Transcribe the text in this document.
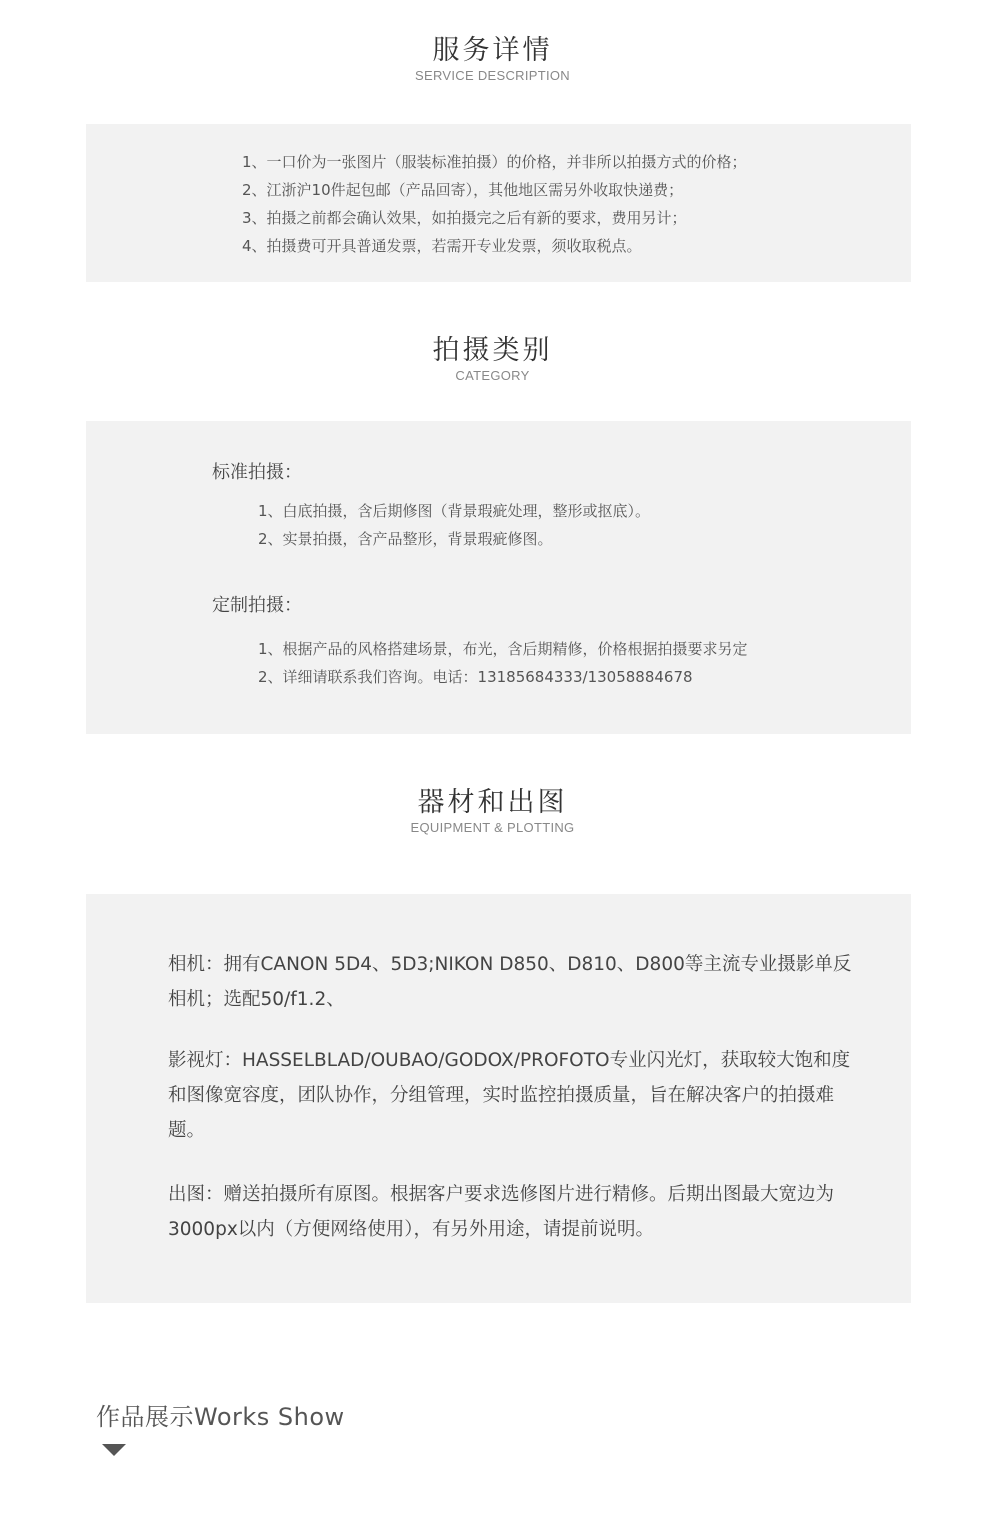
服务详情
SERVICE DESCRIPTION
1、一口价为一张图片（服装标准拍摄）的价格，并非所以拍摄方式的价格；
2、江浙沪10件起包邮（产品回寄），其他地区需另外收取快递费；
3、拍摄之前都会确认效果，如拍摄完之后有新的要求，费用另计；
4、拍摄费可开具普通发票，若需开专业发票，须收取税点。
拍摄类别
CATEGORY
标准拍摄：
1、白底拍摄，含后期修图（背景瑕疵处理，整形或抠底）。
2、实景拍摄，含产品整形，背景瑕疵修图。
定制拍摄：
1、根据产品的风格搭建场景，布光，含后期精修，价格根据拍摄要求另定
2、详细请联系我们咨询。电话：13185684333/13058884678
器材和出图
EQUIPMENT & PLOTTING

相机：拥有CANON 5D4、5D3;NIKON D850、D810、D800等主流专业摄影单反相机；选配50/f1.2、

影视灯：HASSELBLAD/OUBAO/GODOX/PROFOTO专业闪光灯，获取较大饱和度和图像宽容度，团队协作，分组管理，实时监控拍摄质量，旨在解决客户的拍摄难题。

出图：赠送拍摄所有原图。根据客户要求选修图片进行精修。后期出图最大宽边为3000px以内（方便网络使用），有另外用途，请提前说明。

作品展示Works Show
